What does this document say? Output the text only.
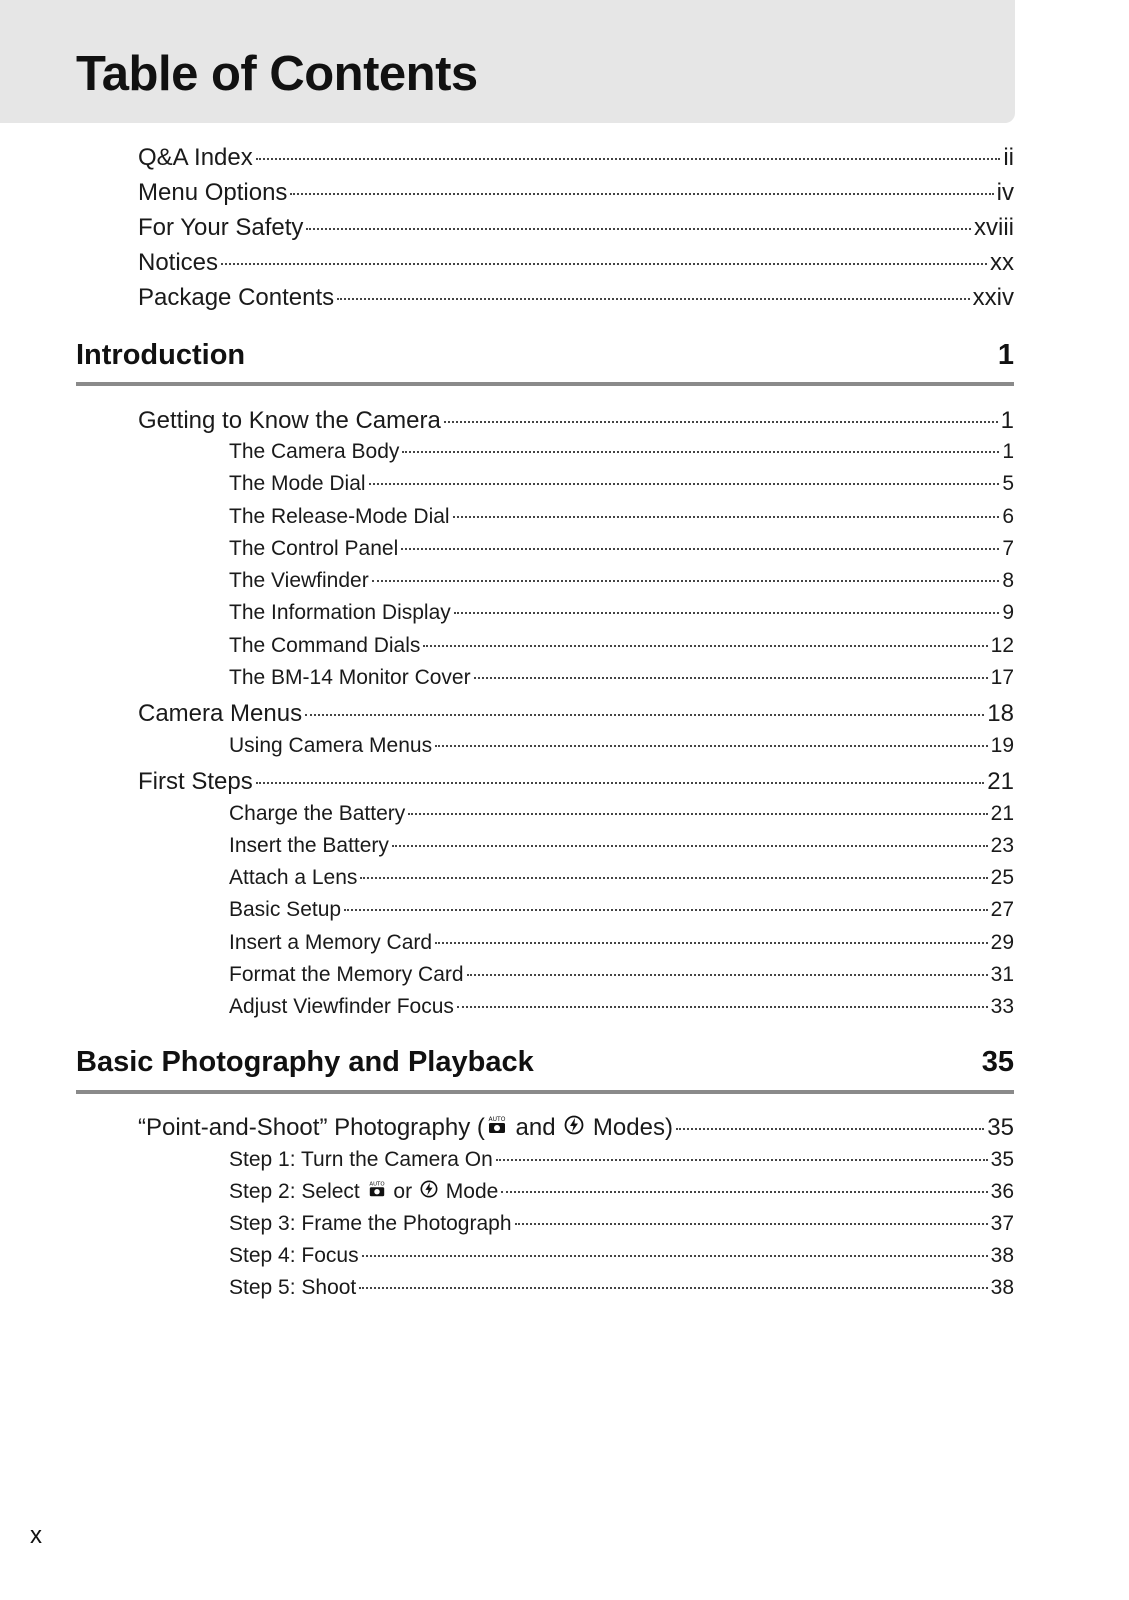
Table of Contents
Q&A Index	ii
Menu Options	iv
For Your Safety	xviii
Notices	xx
Package Contents	xxiv
Introduction	1
Getting to Know the Camera	1
The Camera Body	1
The Mode Dial	5
The Release-Mode Dial	6
The Control Panel	7
The Viewfinder	8
The Information Display	9
The Command Dials	12
The BM-14 Monitor Cover	17
Camera Menus	18
Using Camera Menus	19
First Steps	21
Charge the Battery	21
Insert the Battery	23
Attach a Lens	25
Basic Setup	27
Insert a Memory Card	29
Format the Memory Card	31
Adjust Viewfinder Focus	33
Basic Photography and Playback	35
“Point-and-Shoot” Photography ( AUTO and  Modes)	35
Step 1: Turn the Camera On	35
Step 2: Select AUTO or  Mode	36
Step 3: Frame the Photograph	37
Step 4: Focus	38
Step 5: Shoot	38
x
